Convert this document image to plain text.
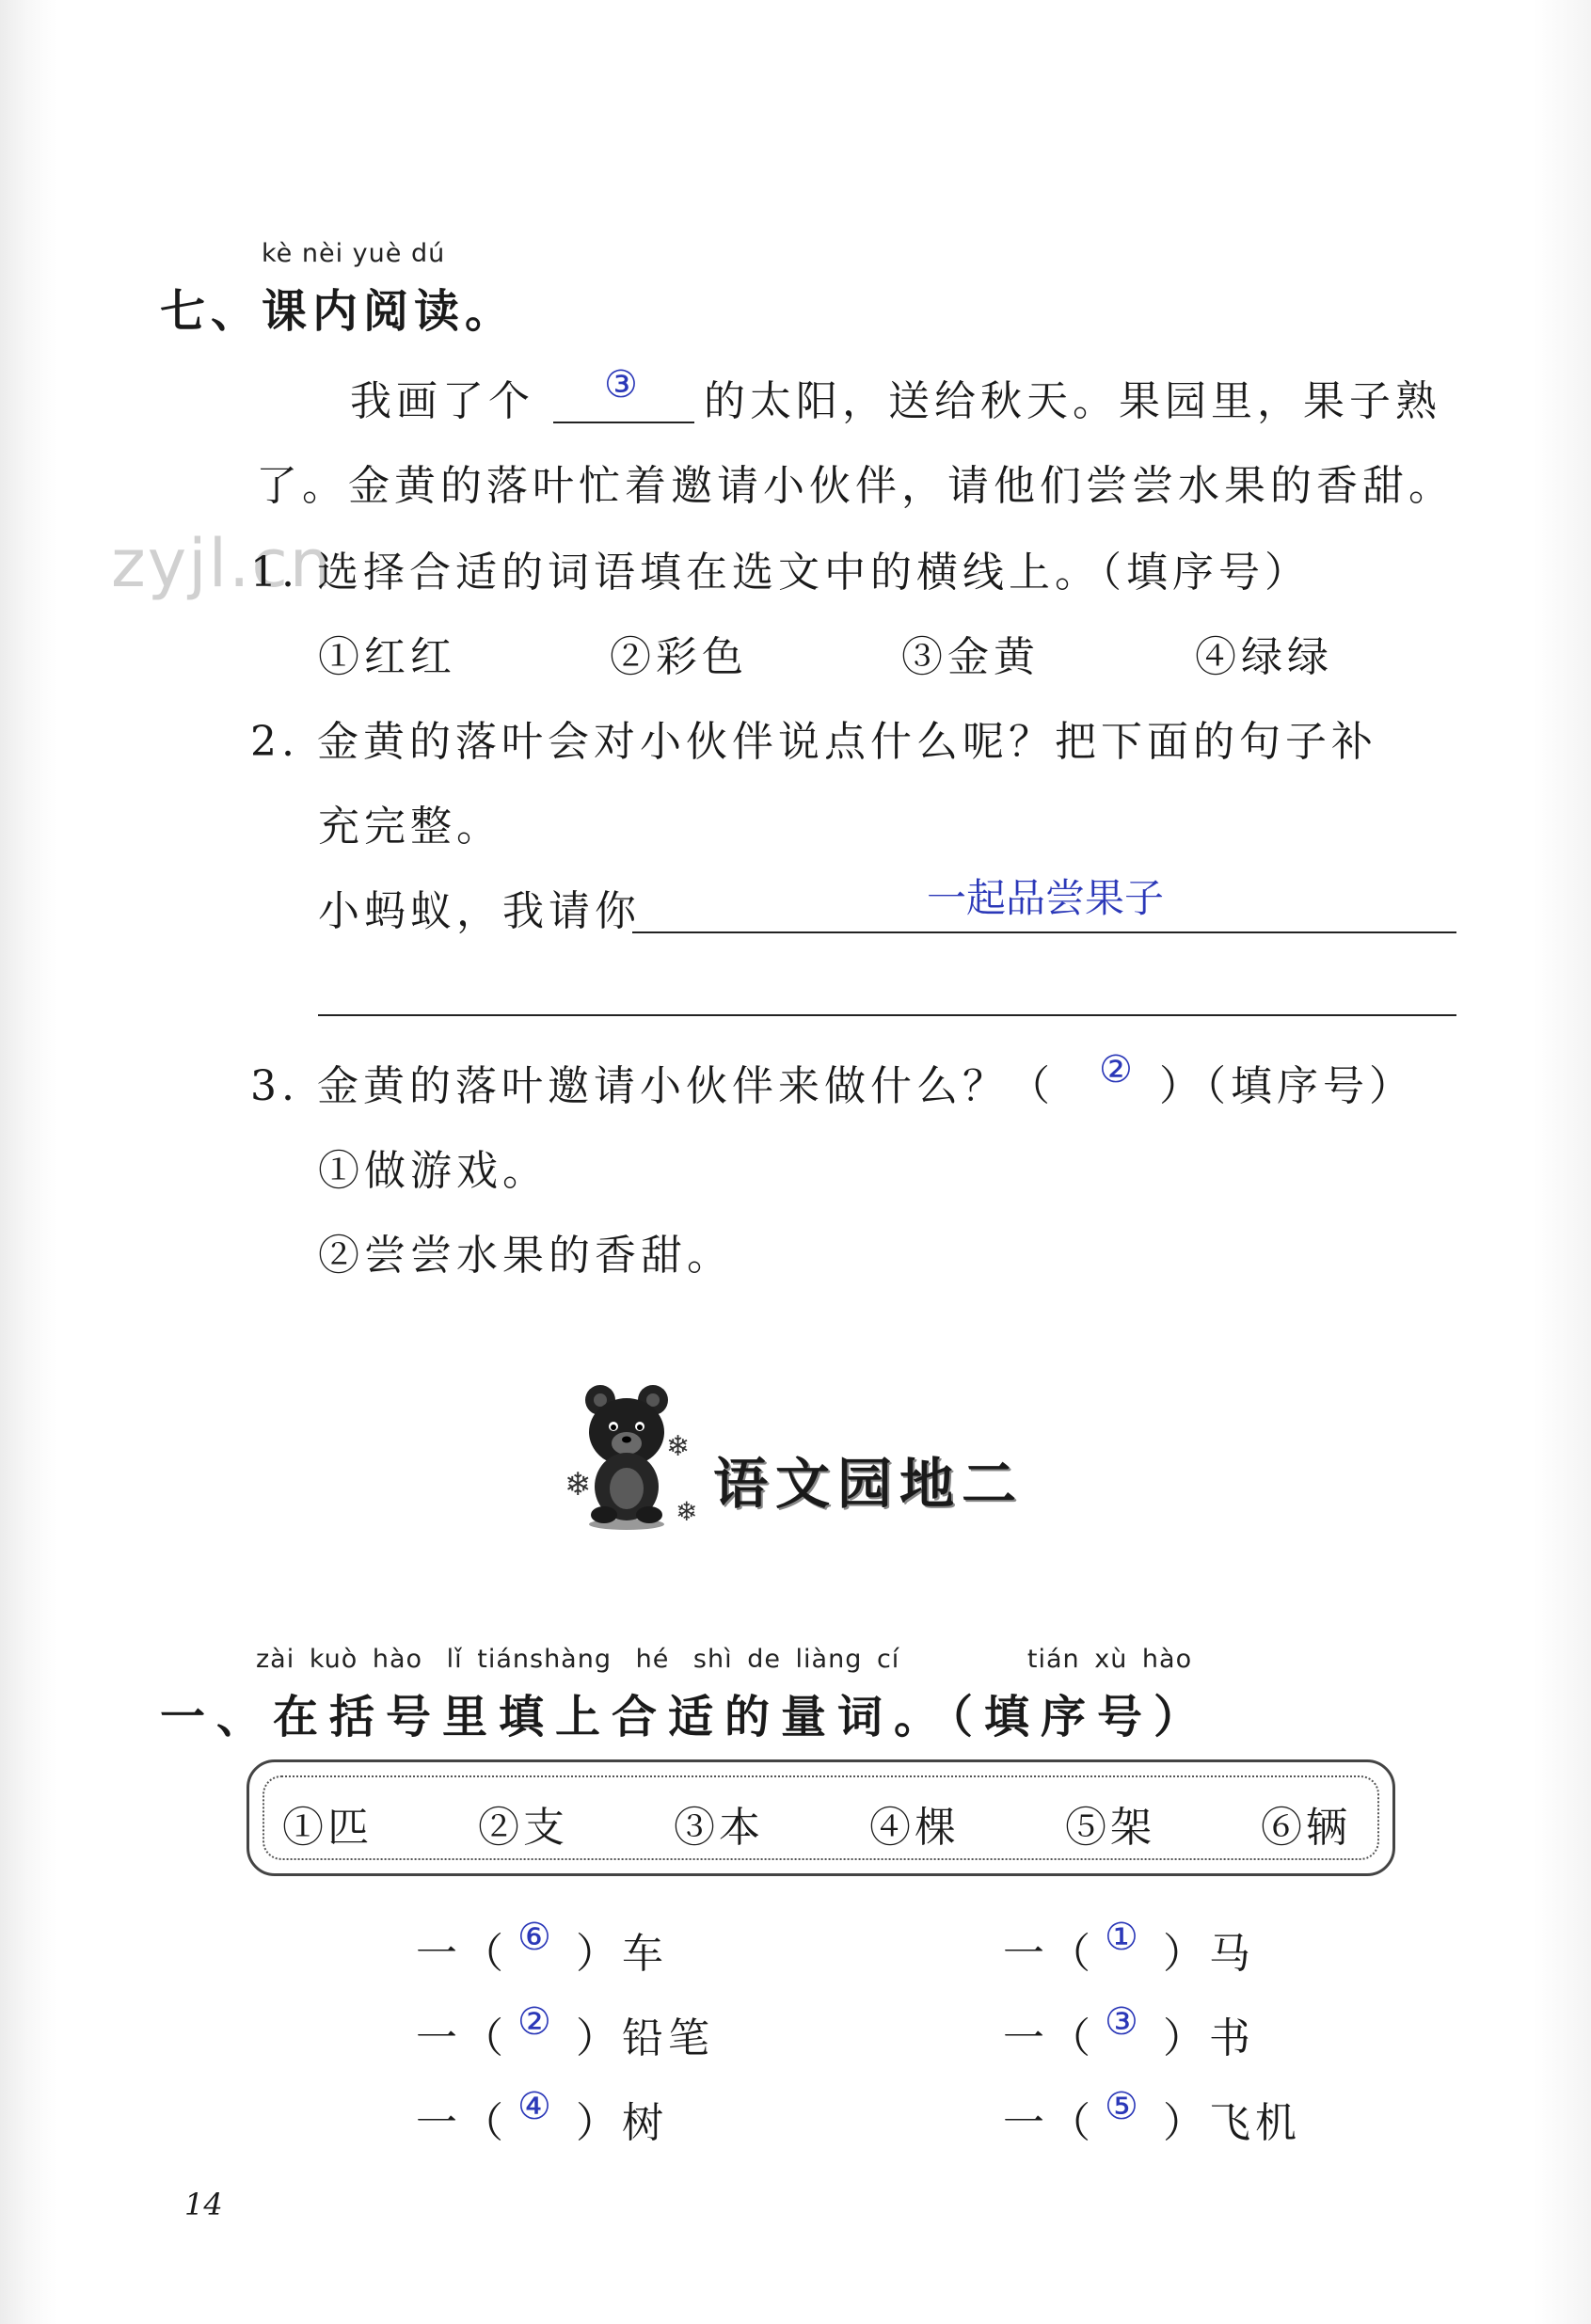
kè nèi yuè dú
七、课内阅读。
我画了个 ③ 的太阳，送给秋天。果园里，果子熟
了。金黄的落叶忙着邀请小伙伴，请他们尝尝水果的香甜。
zyjl.cn
1. 选择合适的词语填在选文中的横线上。（填序号）
①红红	②彩色	③金黄	④绿绿
2. 金黄的落叶会对小伙伴说点什么呢？把下面的句子补
充完整。
小蚂蚁，我请你	一起品尝果子
3. 金黄的落叶邀请小伙伴来做什么？（ ② ）（填序号）
①做游戏。
②尝尝水果的香甜。
❄
❄
❄ 语文园地二
zài kuò hào lǐ tiánshàng hé shì de liàng cí	tián xù hào
一、在括号里填上合适的量词。（填序号）
①匹	②支	③本	④棵	⑤架	⑥辆
一（ ⑥ ）车	一（ ① ）马
一（ ② ）铅笔	一（ ③ ）书
一（ ④ ）树	一（ ⑤ ）飞机
14
